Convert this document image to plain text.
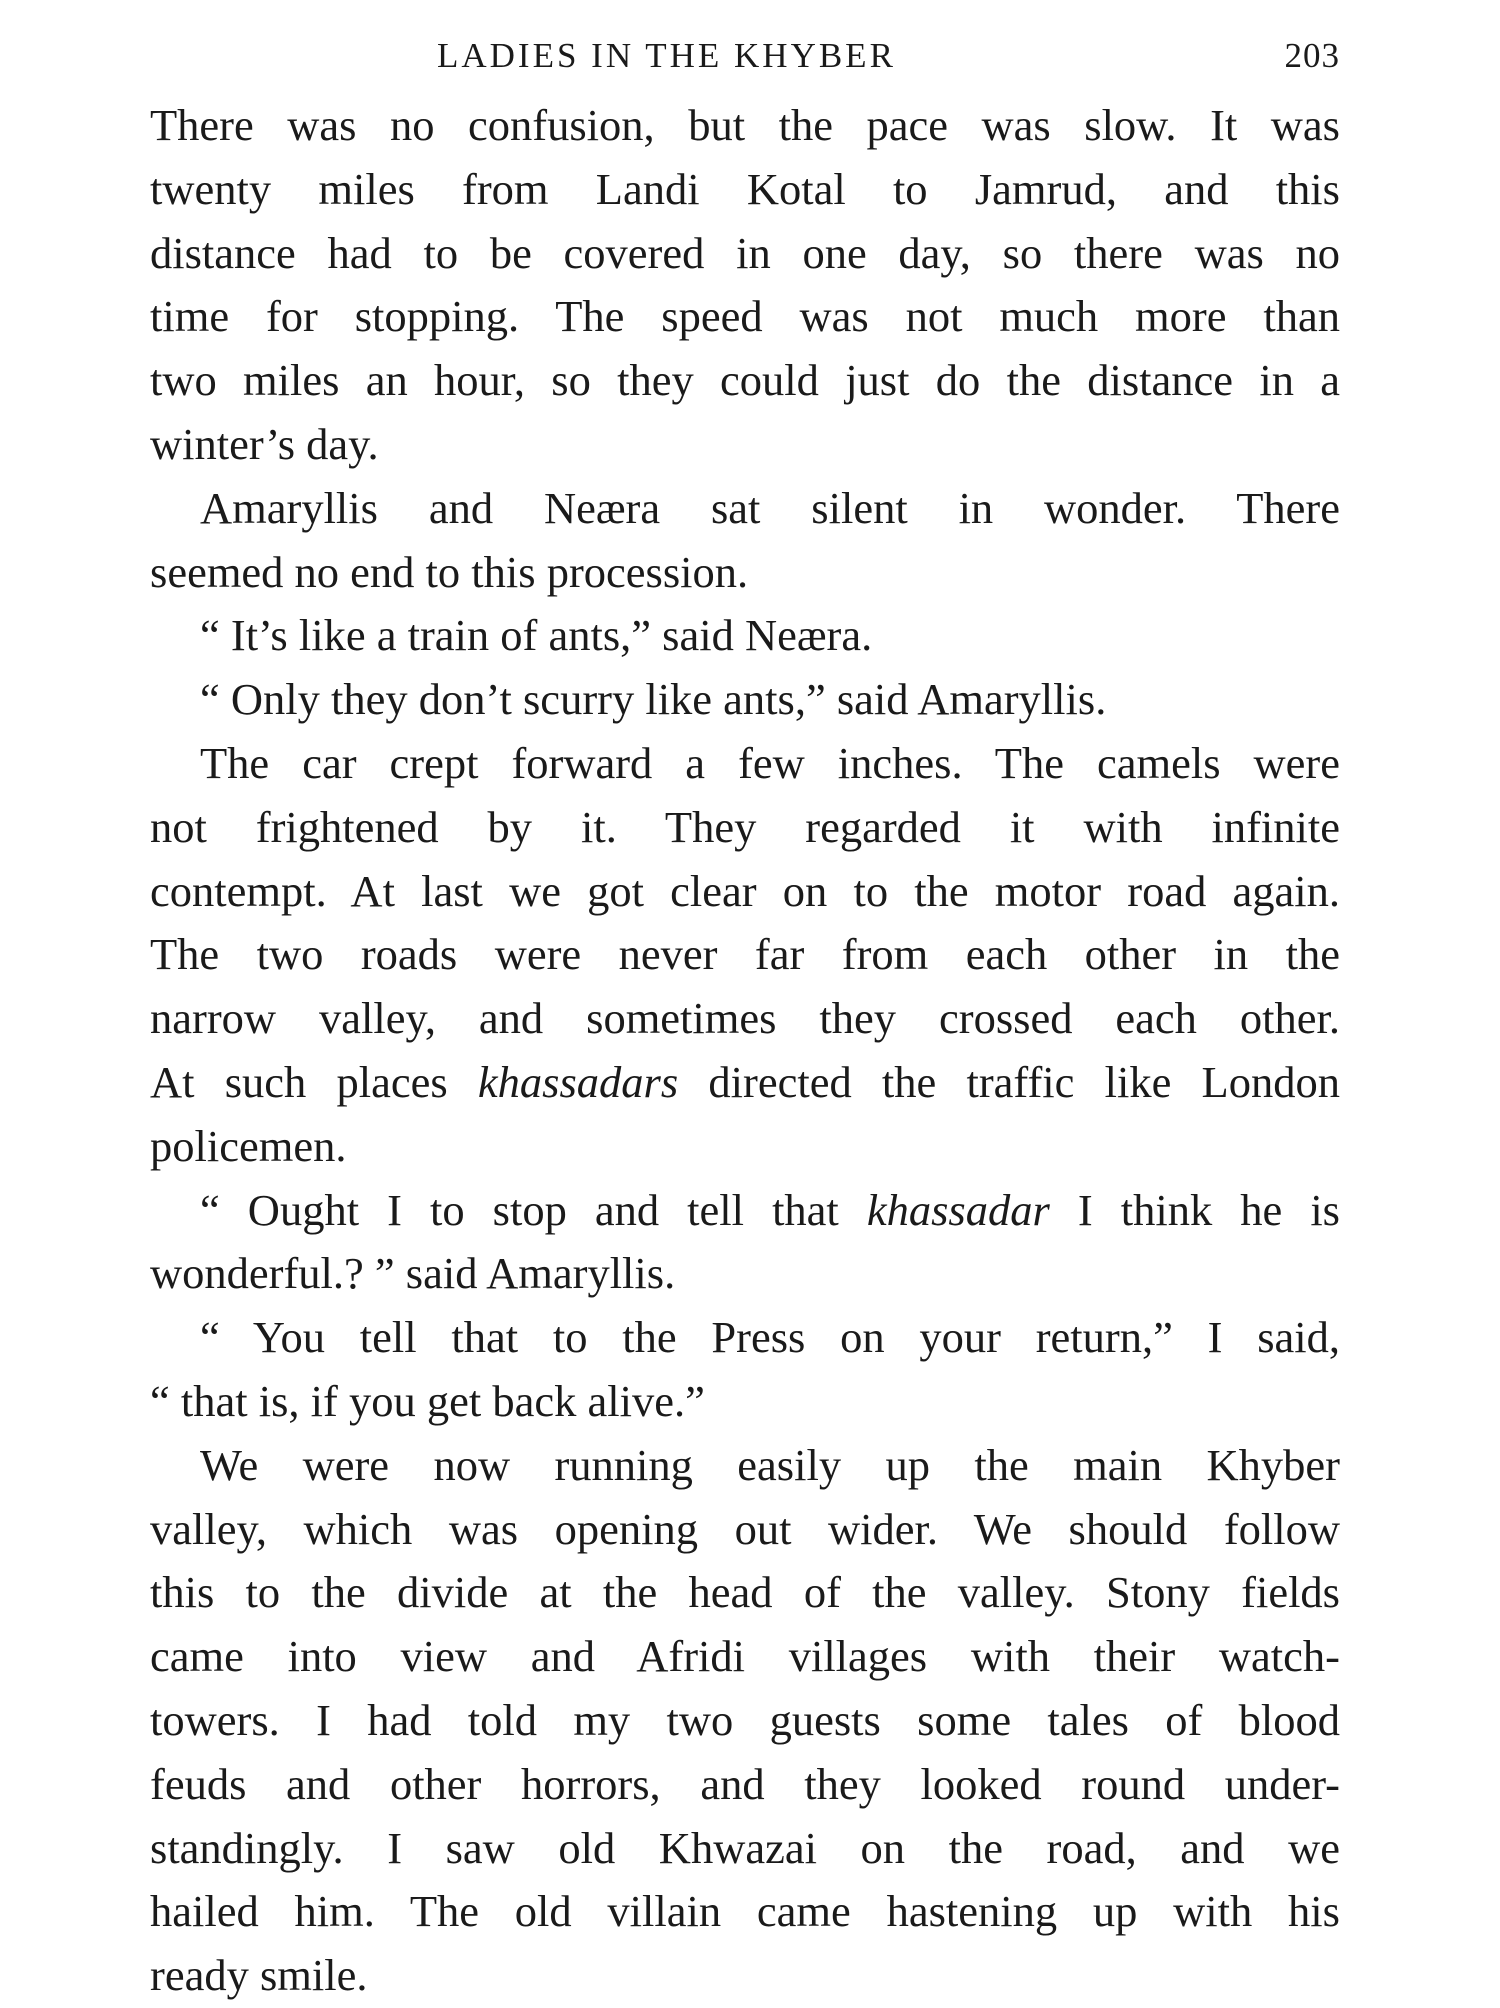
LADIES IN THE KHYBER	203
There was no confusion, but the pace was slow. It was
twenty miles from Landi Kotal to Jamrud, and this
distance had to be covered in one day, so there was no
time for stopping. The speed was not much more than
two miles an hour, so they could just do the distance in a
winter’s day.
Amaryllis and Neæra sat silent in wonder. There
seemed no end to this procession.
“ It’s like a train of ants,” said Neæra.
“ Only they don’t scurry like ants,” said Amaryllis.
The car crept forward a few inches. The camels were
not frightened by it. They regarded it with infinite
contempt. At last we got clear on to the motor road again.
The two roads were never far from each other in the
narrow valley, and sometimes they crossed each other.
At such places khassadars directed the traffic like London
policemen.
“ Ought I to stop and tell that khassadar I think he is
wonderful.? ” said Amaryllis.
“ You tell that to the Press on your return,” I said,
“ that is, if you get back alive.”
We were now running easily up the main Khyber
valley, which was opening out wider. We should follow
this to the divide at the head of the valley. Stony fields
came into view and Afridi villages with their watch-
towers. I had told my two guests some tales of blood
feuds and other horrors, and they looked round under-
standingly. I saw old Khwazai on the road, and we
hailed him. The old villain came hastening up with his
ready smile.
